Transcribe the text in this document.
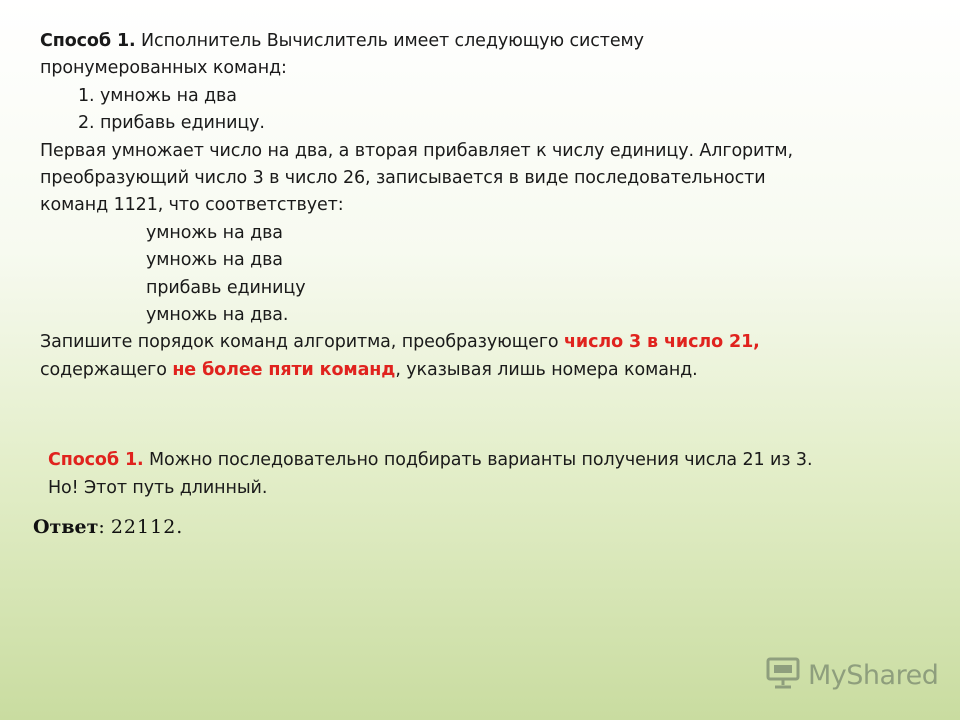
Способ 1. Исполнитель Вычислитель имеет следующую систему

пронумерованных команд:

1. умножь на два

2. прибавь единицу.

Первая умножает число на два, а вторая прибавляет к числу единицу. Алгоритм,

преобразующий число 3 в число 26, записывается в виде последовательности

команд 1121, что соответствует:

умножь на два

умножь на два

прибавь единицу

умножь на два.

Запишите порядок команд алгоритма, преобразующего число 3 в число 21,

содержащего не более пяти команд, указывая лишь номера команд.

Способ 1. Можно последовательно подбирать варианты получения числа 21 из 3.

Но! Этот путь длинный.

Ответ: 22112.
MyShared
